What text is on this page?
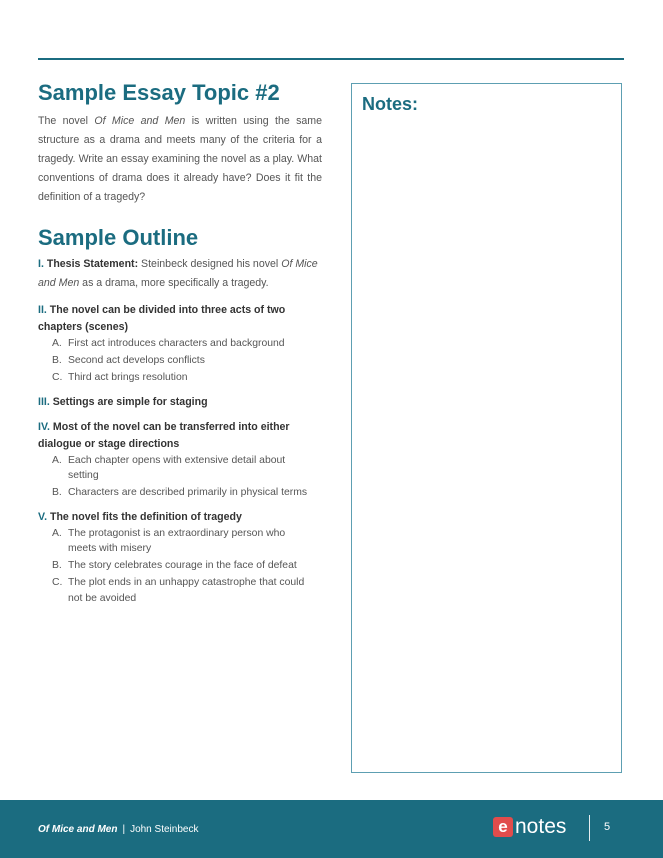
Sample Essay Topic #2

The novel Of Mice and Men is written using the same structure as a drama and meets many of the criteria for a tragedy. Write an essay examining the novel as a play. What conventions of drama does it already have? Does it fit the definition of a tragedy?

Sample Outline

I. Thesis Statement: Steinbeck designed his novel Of Mice and Men as a drama, more specifically a tragedy.

II. The novel can be divided into three acts of two chapters (scenes)

A. First act introduces characters and background
B. Second act develops conflicts
C. Third act brings resolution

III. Settings are simple for staging

IV. Most of the novel can be transferred into either dialogue or stage directions

A. Each chapter opens with extensive detail about setting
B. Characters are described primarily in physical terms

V. The novel fits the definition of tragedy

A. The protagonist is an extraordinary person who meets with misery
B. The story celebrates courage in the face of defeat
C. The plot ends in an unhappy catastrophe that could not be avoided
Notes:
Of Mice and Men | John Steinbeck	e notes	5
